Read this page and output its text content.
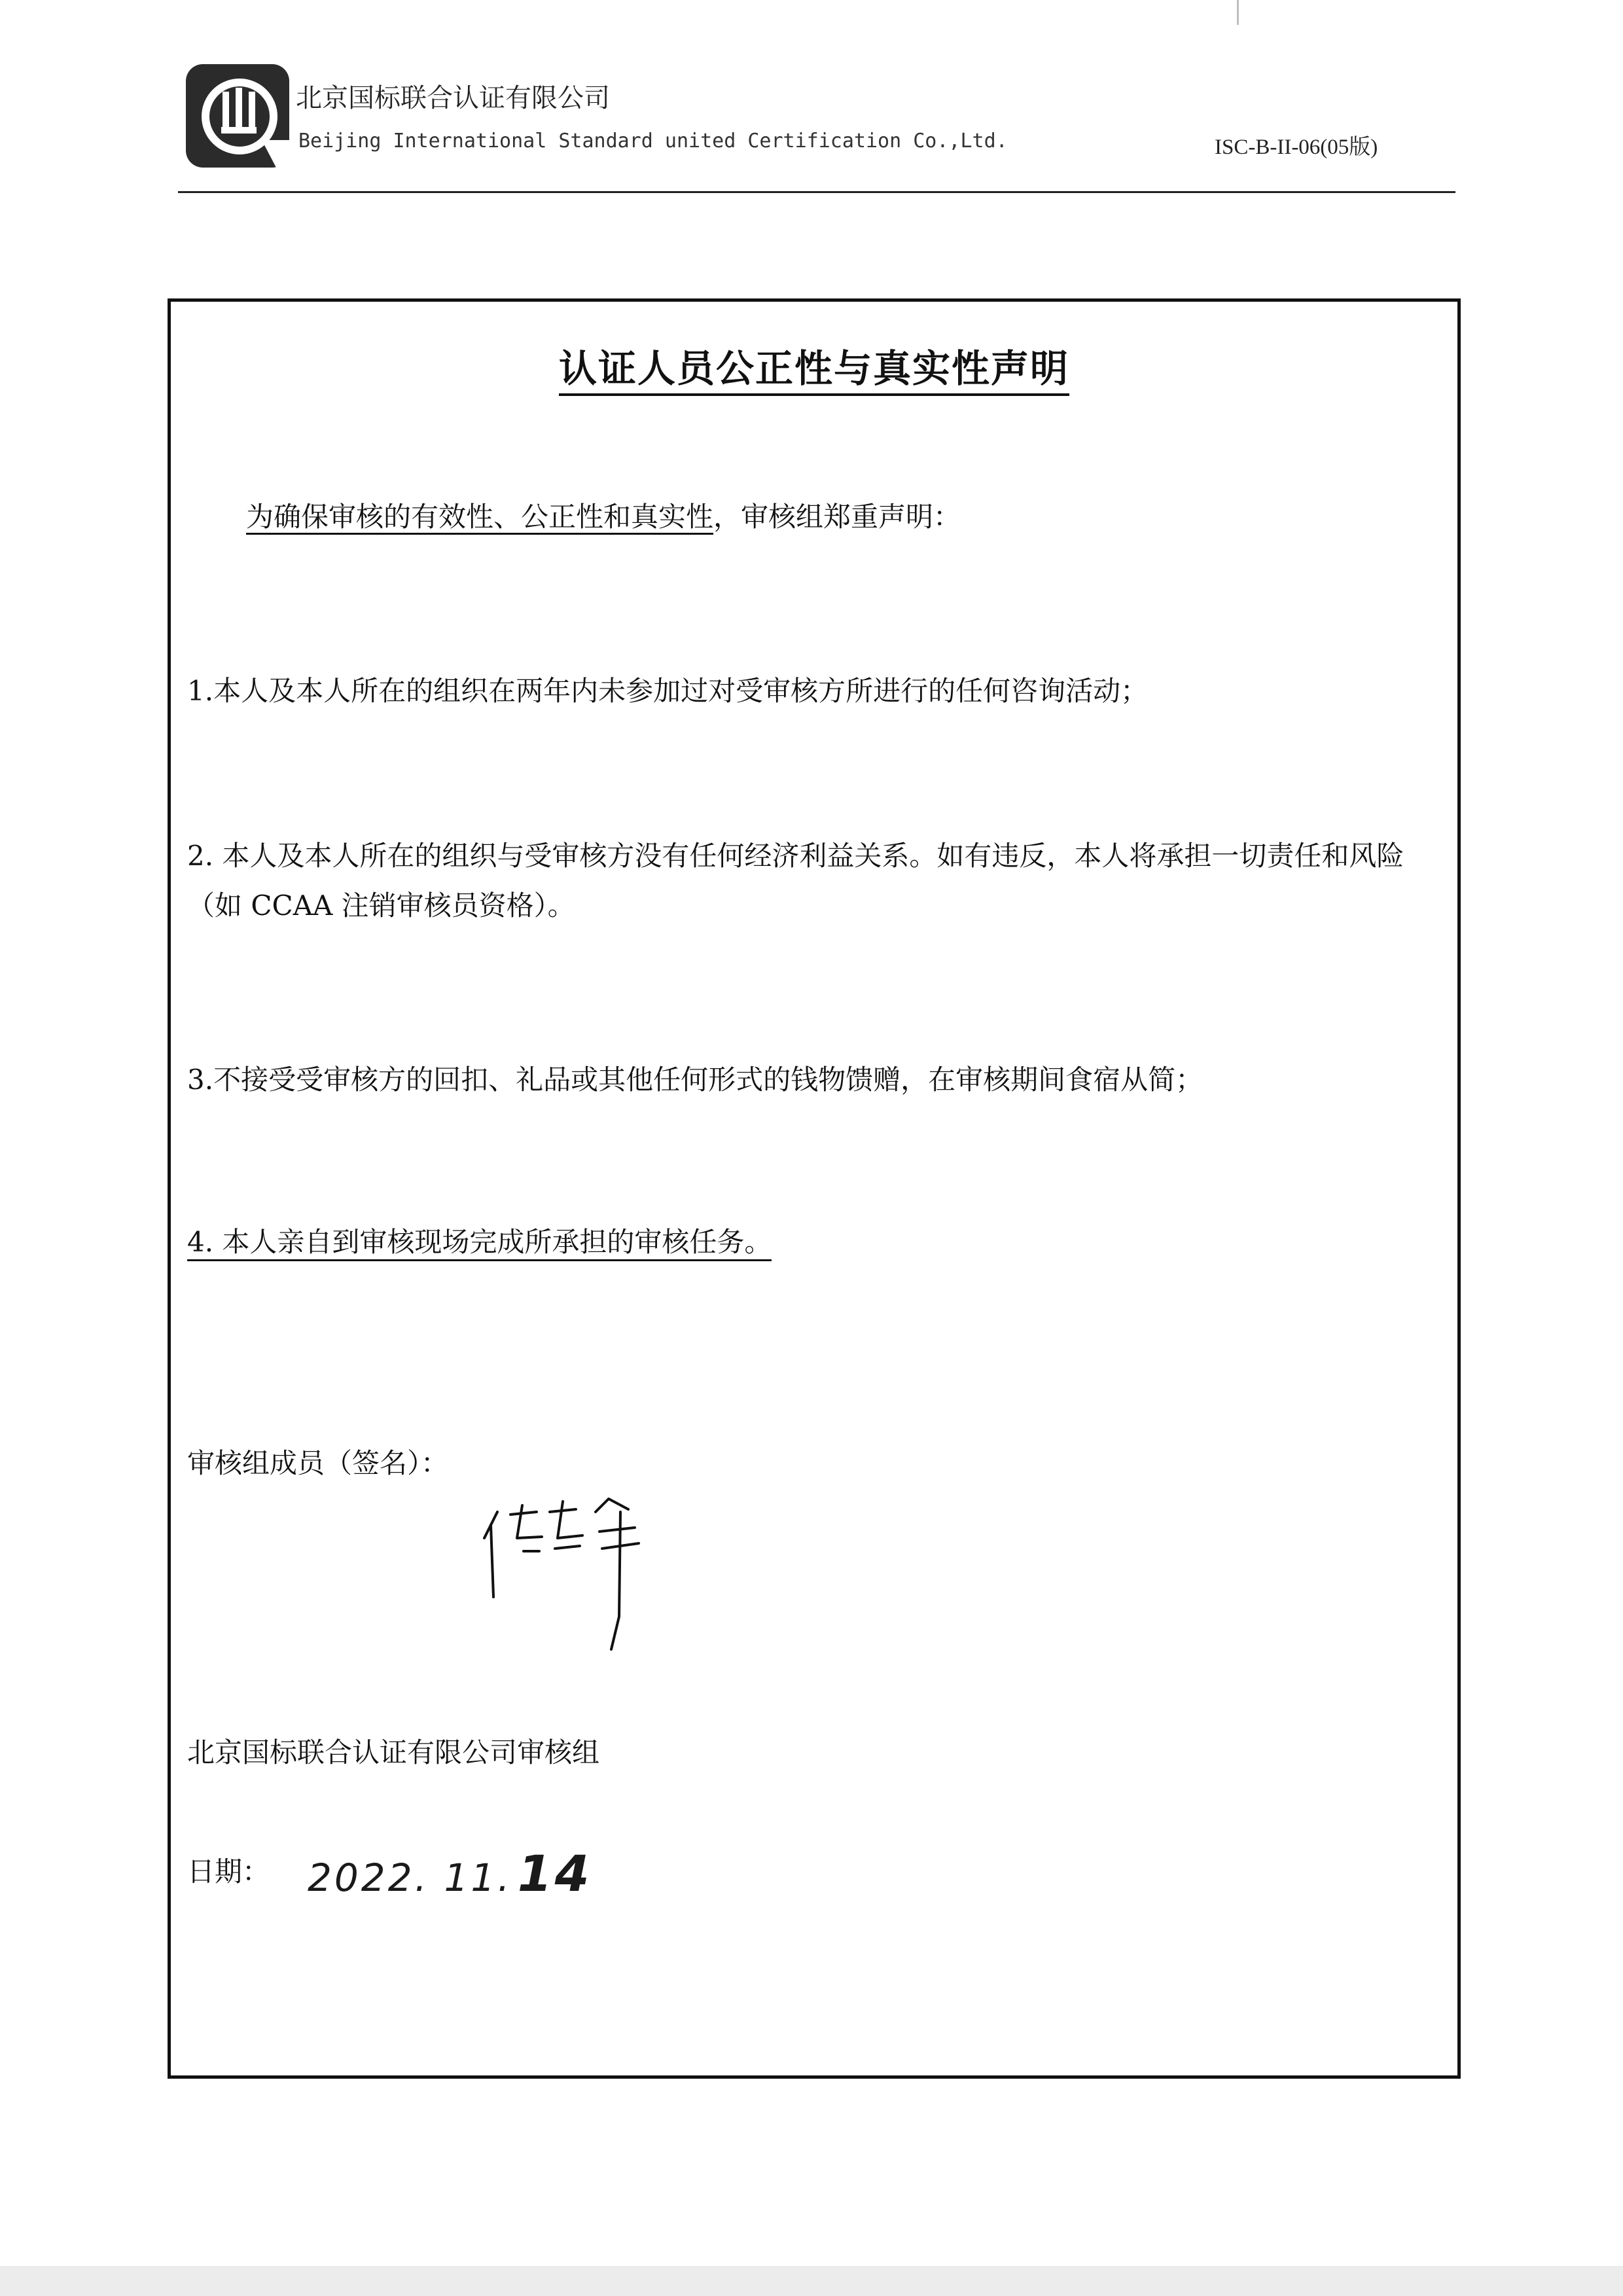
北京国标联合认证有限公司
Beijing International Standard united Certification Co.,Ltd.	ISC-B-II-06(05版)
认证人员公正性与真实性声明
为确保审核的有效性、公正性和真实性，审核组郑重声明：
1.本人及本人所在的组织在两年内未参加过对受审核方所进行的任何咨询活动；
2. 本人及本人所在的组织与受审核方没有任何经济利益关系。如有违反，本人将承担一切责任和风险（如 CCAA 注销审核员资格）。
3.不接受受审核方的回扣、礼品或其他任何形式的钱物馈赠，在审核期间食宿从简；
4. 本人亲自到审核现场完成所承担的审核任务。
审核组成员（签名）：
北京国标联合认证有限公司审核组
日期： 2022. 11. 14
